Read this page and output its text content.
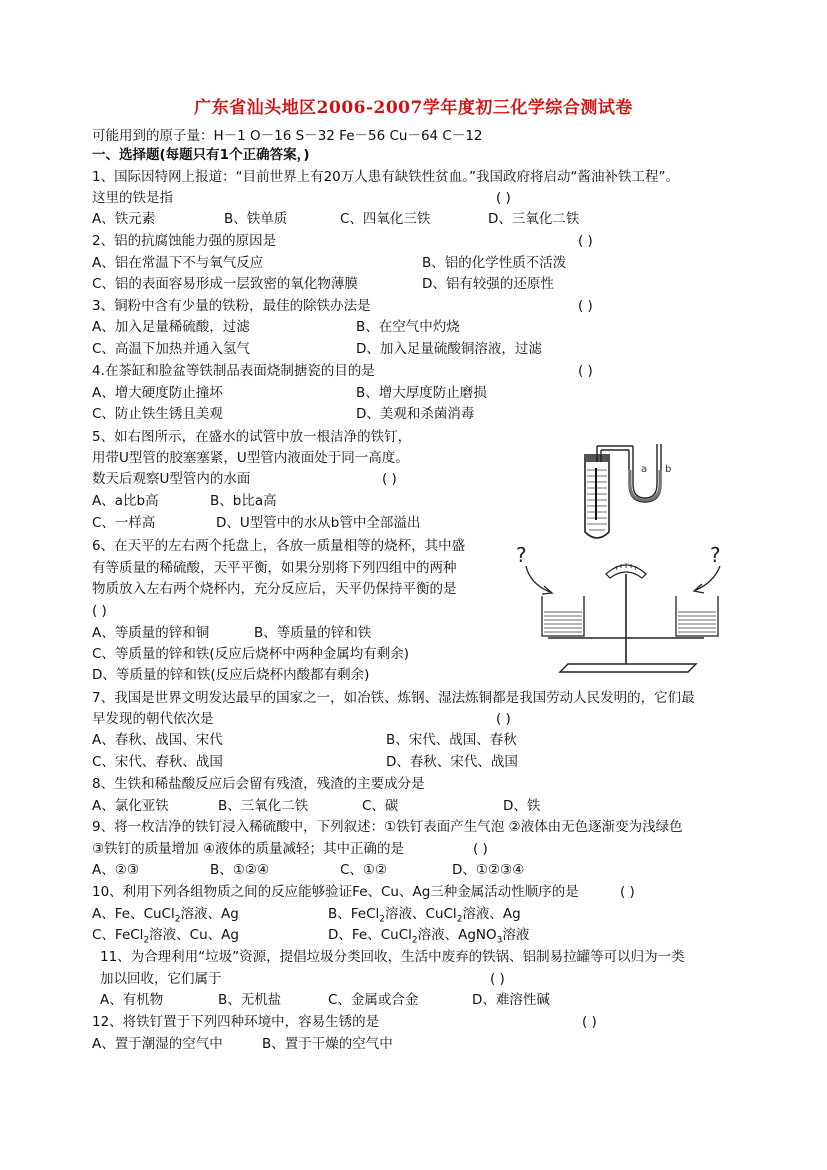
广东省汕头地区2006-2007学年度初三化学综合测试卷
可能用到的原子量：H－1 O－16 S－32 Fe－56 Cu－64 C－12
一、选择题(每题只有1个正确答案，)
1、国际因特网上报道：“目前世界上有20万人患有缺铁性贫血。”我国政府将启动“酱油补铁工程”。
这里的铁是指	( )
A、铁元素	B、铁单质	C、四氧化三铁	D、三氧化二铁
2、铝的抗腐蚀能力强的原因是	( )
A、铝在常温下不与氧气反应	B、铝的化学性质不活泼
C、铝的表面容易形成一层致密的氧化物薄膜	D、铝有较强的还原性
3、铜粉中含有少量的铁粉，最佳的除铁办法是	( )
A、加入足量稀硫酸，过滤	B、在空气中灼烧
C、高温下加热并通入氢气	D、加入足量硫酸铜溶液，过滤
4.在茶缸和脸盆等铁制品表面烧制搪瓷的目的是	( )
A、增大硬度防止撞坏	B、增大厚度防止磨损
C、防止铁生锈且美观	D、美观和杀菌消毒
5、如右图所示，在盛水的试管中放一根洁净的铁钉，
用带U型管的胶塞塞紧，U型管内液面处于同一高度。
数天后观察U型管内的水面	( )
A、a比b高	B、b比a高
C、一样高	D、U型管中的水从b管中全部溢出
a b
6、在天平的左右两个托盘上，各放一质量相等的烧杯，其中盛
有等质量的稀硫酸，天平平衡，如果分别将下列四组中的两种
物质放入左右两个烧杯内，充分反应后，天平仍保持平衡的是
( )
A、等质量的锌和铜	B、等质量的锌和铁
C、等质量的锌和铁(反应后烧杯中两种金属均有剩余)
D、等质量的锌和铁(反应后烧杯内酸都有剩余)
?	?
7、我国是世界文明发达最早的国家之一，如冶铁、炼钢、湿法炼铜都是我国劳动人民发明的，它们最
早发现的朝代依次是	( )
A、春秋、战国、宋代	B、宋代、战国、春秋
C、宋代、春秋、战国	D、春秋、宋代、战国
8、生铁和稀盐酸反应后会留有残渣，残渣的主要成分是
A、氯化亚铁	B、三氧化二铁	C、碳	D、铁
9、将一枚洁净的铁钉浸入稀硫酸中，下列叙述：①铁钉表面产生气泡 ②液体由无色逐渐变为浅绿色
③铁钉的质量增加 ④液体的质量减轻；其中正确的是	( )
A、②③	B、①②④	C、①②	D、①②③④
10、利用下列各组物质之间的反应能够验证Fe、Cu、Ag三种金属活动性顺序的是	( )
A、Fe、CuCl$_2$溶液、Ag	B、FeCl$_2$溶液、CuCl$_2$溶液、Ag
C、FeCl$_2$溶液、Cu、Ag	D、Fe、CuCl$_2$溶液、AgNO$_3$溶液
11、为合理利用“垃圾”资源，提倡垃圾分类回收，生活中废弃的铁锅、铝制易拉罐等可以归为一类
加以回收，它们属于	( )
A、有机物	B、无机盐	C、金属或合金	D、难溶性碱
12、将铁钉置于下列四种环境中，容易生锈的是	( )
A、置于潮湿的空气中	B、置于干燥的空气中
